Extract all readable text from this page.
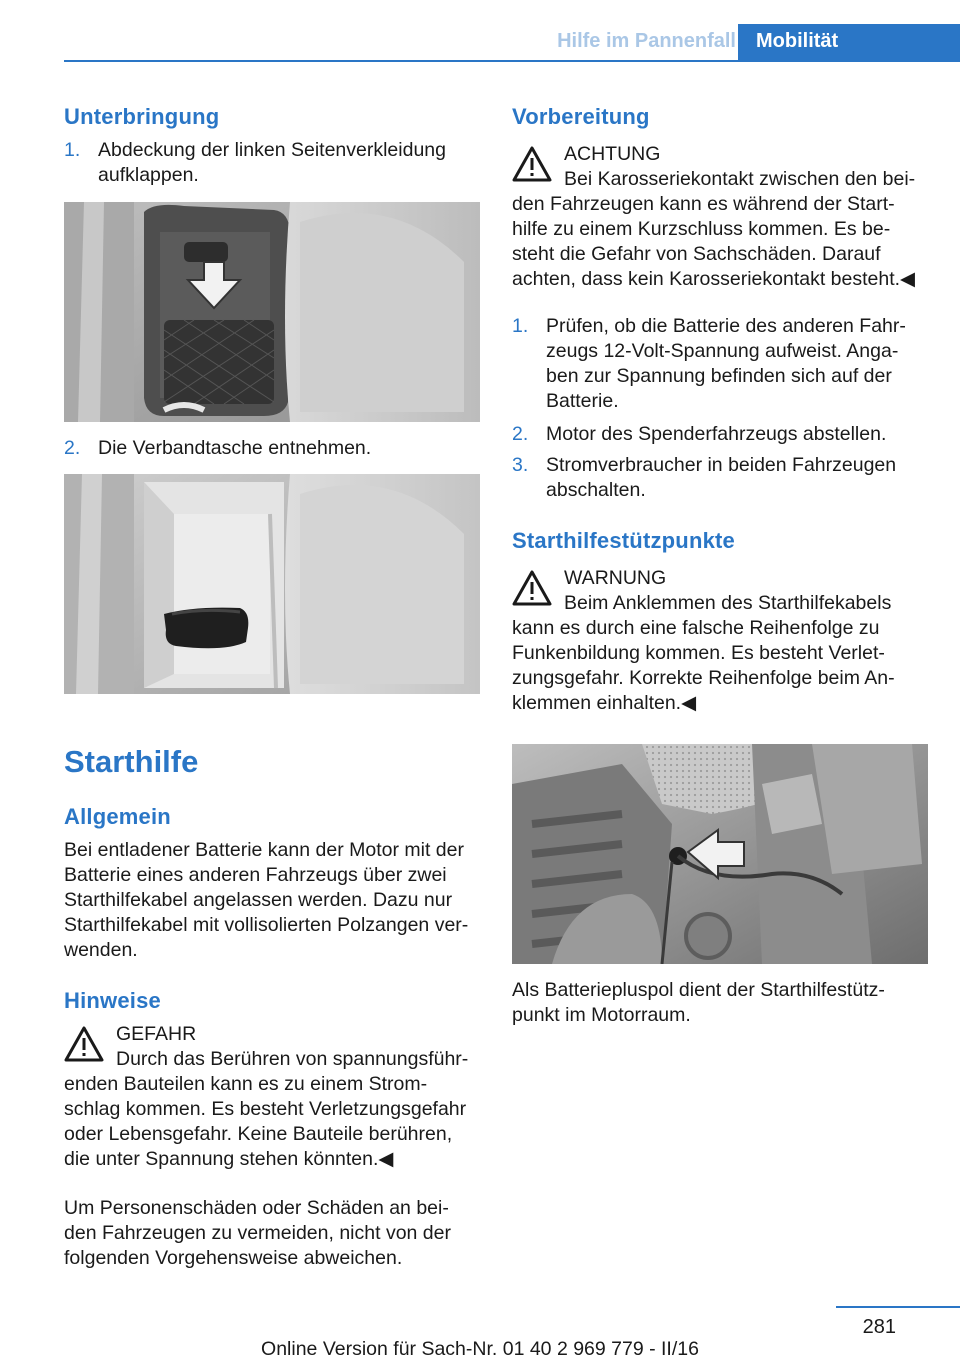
Hilfe im Pannenfall	Mobilität
Unterbringung
1. Abdeckung der linken Seitenverkleidung
aufklappen.
2. Die Verbandtasche entnehmen.
Starthilfe
Allgemein
Bei entladener Batterie kann der Motor mit der
Batterie eines anderen Fahrzeugs über zwei
Starthilfekabel angelassen werden. Dazu nur
Starthilfekabel mit vollisolierten Polzangen ver‐
wenden.
Hinweise
GEFAHR
Durch das Berühren von spannungsführ‐
enden Bauteilen kann es zu einem Strom‐
schlag kommen. Es besteht Verletzungsgefahr
oder Lebensgefahr. Keine Bauteile berühren,
die unter Spannung stehen könnten.◀
Um Personenschäden oder Schäden an bei‐
den Fahrzeugen zu vermeiden, nicht von der
folgenden Vorgehensweise abweichen.
Vorbereitung
ACHTUNG
Bei Karosseriekontakt zwischen den bei‐
den Fahrzeugen kann es während der Start‐
hilfe zu einem Kurzschluss kommen. Es be‐
steht die Gefahr von Sachschäden. Darauf
achten, dass kein Karosseriekontakt besteht.◀
1. Prüfen, ob die Batterie des anderen Fahr‐
zeugs 12‑Volt‑Spannung aufweist. Anga‐
ben zur Spannung befinden sich auf der
Batterie.
2. Motor des Spenderfahrzeugs abstellen.
3. Stromverbraucher in beiden Fahrzeugen
abschalten.
Starthilfestützpunkte
WARNUNG
Beim Anklemmen des Starthilfekabels
kann es durch eine falsche Reihenfolge zu
Funkenbildung kommen. Es besteht Verlet‐
zungsgefahr. Korrekte Reihenfolge beim An‐
klemmen einhalten.◀
Als Batteriepluspol dient der Starthilfestütz‐
punkt im Motorraum.
281
Online Version für Sach-Nr. 01 40 2 969 779 - II/16
